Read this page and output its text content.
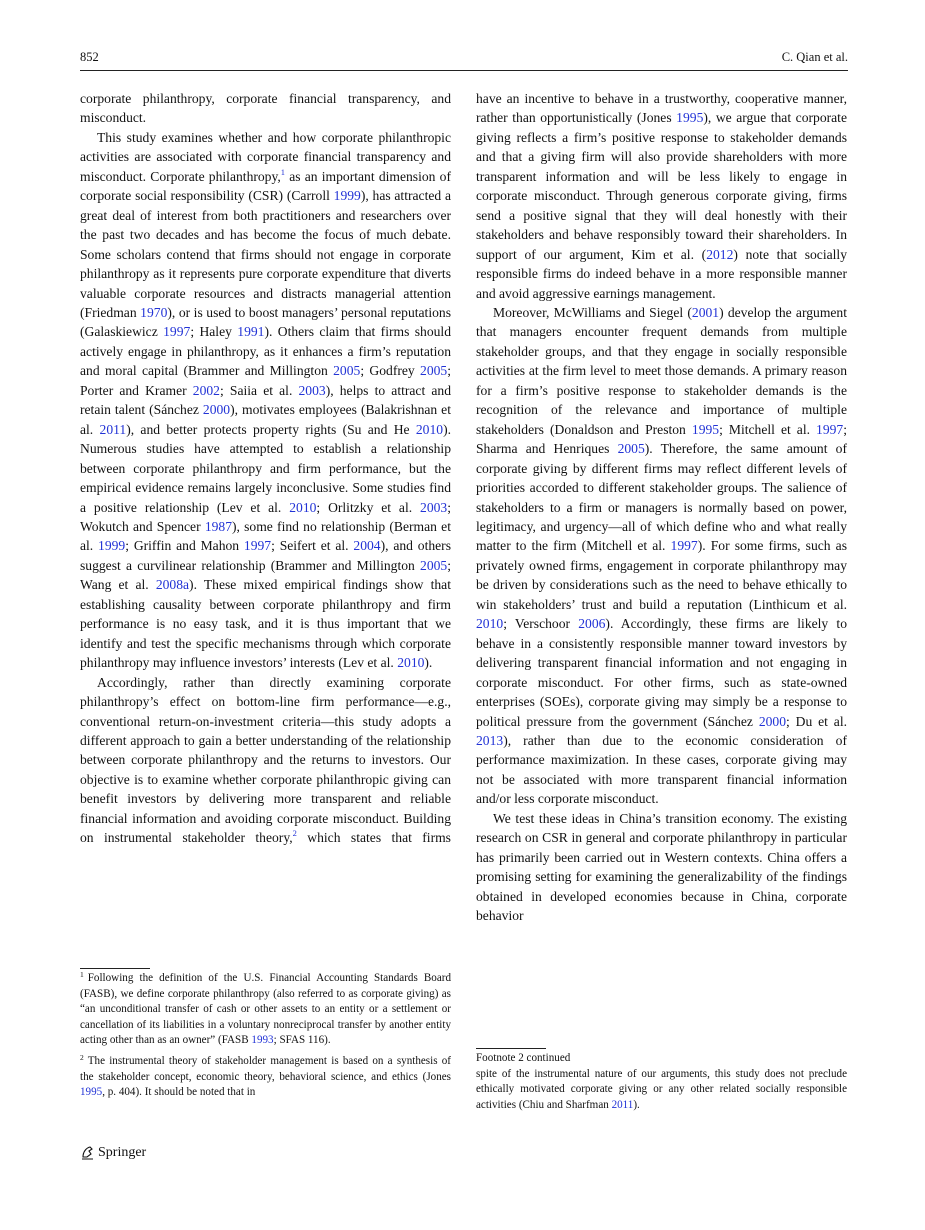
852	C. Qian et al.

corporate philanthropy, corporate financial transparency, and misconduct.

This study examines whether and how corporate philanthropic activities are associated with corporate financial transparency and misconduct. Corporate philanthropy,$^1$ as an important dimension of corporate social responsibility (CSR) (Carroll 1999), has attracted a great deal of interest from both practitioners and researchers over the past two decades and has become the focus of much debate. Some scholars contend that firms should not engage in corporate philanthropy as it represents pure corporate expenditure that diverts valuable corporate resources and distracts managerial attention (Friedman 1970), or is used to boost managers’ personal reputations (Galaskiewicz 1997; Haley 1991). Others claim that firms should actively engage in philanthropy, as it enhances a firm’s reputation and moral capital (Brammer and Millington 2005; Godfrey 2005; Porter and Kramer 2002; Saiia et al. 2003), helps to attract and retain talent (Sánchez 2000), motivates employees (Balakrishnan et al. 2011), and better protects property rights (Su and He 2010). Numerous studies have attempted to establish a relationship between corporate philanthropy and firm performance, but the empirical evidence remains largely inconclusive. Some studies find a positive relationship (Lev et al. 2010; Orlitzky et al. 2003; Wokutch and Spencer 1987), some find no relationship (Berman et al. 1999; Griffin and Mahon 1997; Seifert et al. 2004), and others suggest a curvilinear relationship (Brammer and Millington 2005; Wang et al. 2008a). These mixed empirical findings show that establishing causality between corporate philanthropy and firm performance is no easy task, and it is thus important that we identify and test the specific mechanisms through which corporate philanthropy may influence investors’ interests (Lev et al. 2010).

Accordingly, rather than directly examining corporate philanthropy’s effect on bottom-line firm performance—e.g., conventional return-on-investment criteria—this study adopts a different approach to gain a better understanding of the relationship between corporate philanthropy and the returns to investors. Our objective is to examine whether corporate philanthropic giving can benefit investors by delivering more transparent and reliable financial information and avoiding corporate misconduct. Building on instrumental stakeholder theory,$^2$ which states that firms

have an incentive to behave in a trustworthy, cooperative manner, rather than opportunistically (Jones 1995), we argue that corporate giving reflects a firm’s positive response to stakeholder demands and that a giving firm will also provide shareholders with more transparent information and will be less likely to engage in corporate misconduct. Through generous corporate giving, firms send a positive signal that they will deal honestly with their stakeholders and behave responsibly toward their shareholders. In support of our argument, Kim et al. (2012) note that socially responsible firms do indeed behave in a more responsible manner and avoid aggressive earnings management.

Moreover, McWilliams and Siegel (2001) develop the argument that managers encounter frequent demands from multiple stakeholder groups, and that they engage in socially responsible activities at the firm level to meet those demands. A primary reason for a firm’s positive response to stakeholder demands is the recognition of the relevance and importance of multiple stakeholders (Donaldson and Preston 1995; Mitchell et al. 1997; Sharma and Henriques 2005). Therefore, the same amount of corporate giving by different firms may reflect different levels of priorities accorded to different stakeholder groups. The salience of stakeholders to a firm or managers is normally based on power, legitimacy, and urgency—all of which define who and what really matter to the firm (Mitchell et al. 1997). For some firms, such as privately owned firms, engagement in corporate philanthropy may be driven by considerations such as the need to behave ethically to win stakeholders’ trust and build a reputation (Linthicum et al. 2010; Verschoor 2006). Accordingly, these firms are likely to behave in a consistently responsible manner toward investors by delivering transparent financial information and not engaging in corporate misconduct. For other firms, such as state-owned enterprises (SOEs), corporate giving may simply be a response to political pressure from the government (Sánchez 2000; Du et al. 2013), rather than due to the economic consideration of performance maximization. In these cases, corporate giving may not be associated with more transparent financial information and/or less corporate misconduct.

We test these ideas in China’s transition economy. The existing research on CSR in general and corporate philanthropy in particular has primarily been carried out in Western contexts. China offers a promising setting for examining the generalizability of the findings obtained in developed economies because in China, corporate behavior

$^1$ Following the definition of the U.S. Financial Accounting Standards Board (FASB), we define corporate philanthropy (also referred to as corporate giving) as “an unconditional transfer of cash or other assets to an entity or a settlement or cancellation of its liabilities in a voluntary nonreciprocal transfer by another entity acting other than as an owner” (FASB 1993; SFAS 116).

$^2$ The instrumental theory of stakeholder management is based on a synthesis of the stakeholder concept, economic theory, behavioral science, and ethics (Jones 1995, p. 404). It should be noted that in

Footnote 2 continued

spite of the instrumental nature of our arguments, this study does not preclude ethically motivated corporate giving or any other related socially responsible activities (Chiu and Sharfman 2011).

Springer
